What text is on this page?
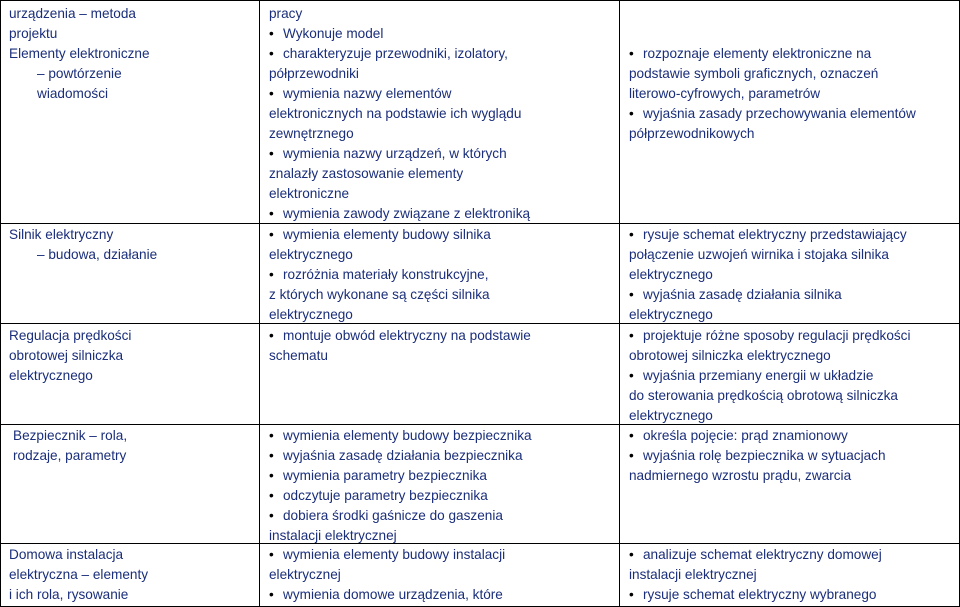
urządzenia – metoda
projektu
Elementy elektroniczne
– powtórzenie
wiadomości
pracy
• Wykonuje model
• charakteryzuje przewodniki, izolatory,
półprzewodniki
• wymienia nazwy elementów
elektronicznych na podstawie ich wyglądu
zewnętrznego
• wymienia nazwy urządzeń, w których
znalazły zastosowanie elementy
elektroniczne
• wymienia zawody związane z elektroniką
• rozpoznaje elementy elektroniczne na
podstawie symboli graficznych, oznaczeń
literowo-cyfrowych, parametrów
• wyjaśnia zasady przechowywania elementów
półprzewodnikowych
Silnik elektryczny
– budowa, działanie
• wymienia elementy budowy silnika
elektrycznego
• rozróżnia materiały konstrukcyjne,
z których wykonane są części silnika
elektrycznego
• rysuje schemat elektryczny przedstawiający
połączenie uzwojeń wirnika i stojaka silnika
elektrycznego
• wyjaśnia zasadę działania silnika
elektrycznego
Regulacja prędkości
obrotowej silniczka
elektrycznego
• montuje obwód elektryczny na podstawie
schematu
• projektuje różne sposoby regulacji prędkości
obrotowej silniczka elektrycznego
• wyjaśnia przemiany energii w układzie
do sterowania prędkością obrotową silniczka
elektrycznego
Bezpiecznik – rola,
rodzaje, parametry
• wymienia elementy budowy bezpiecznika
• wyjaśnia zasadę działania bezpiecznika
• wymienia parametry bezpiecznika
• odczytuje parametry bezpiecznika
• dobiera środki gaśnicze do gaszenia
instalacji elektrycznej
• określa pojęcie: prąd znamionowy
• wyjaśnia rolę bezpiecznika w sytuacjach
nadmiernego wzrostu prądu, zwarcia
Domowa instalacja
elektryczna – elementy
i ich rola, rysowanie
• wymienia elementy budowy instalacji
elektrycznej
• wymienia domowe urządzenia, które
• analizuje schemat elektryczny domowej
instalacji elektrycznej
• rysuje schemat elektryczny wybranego
